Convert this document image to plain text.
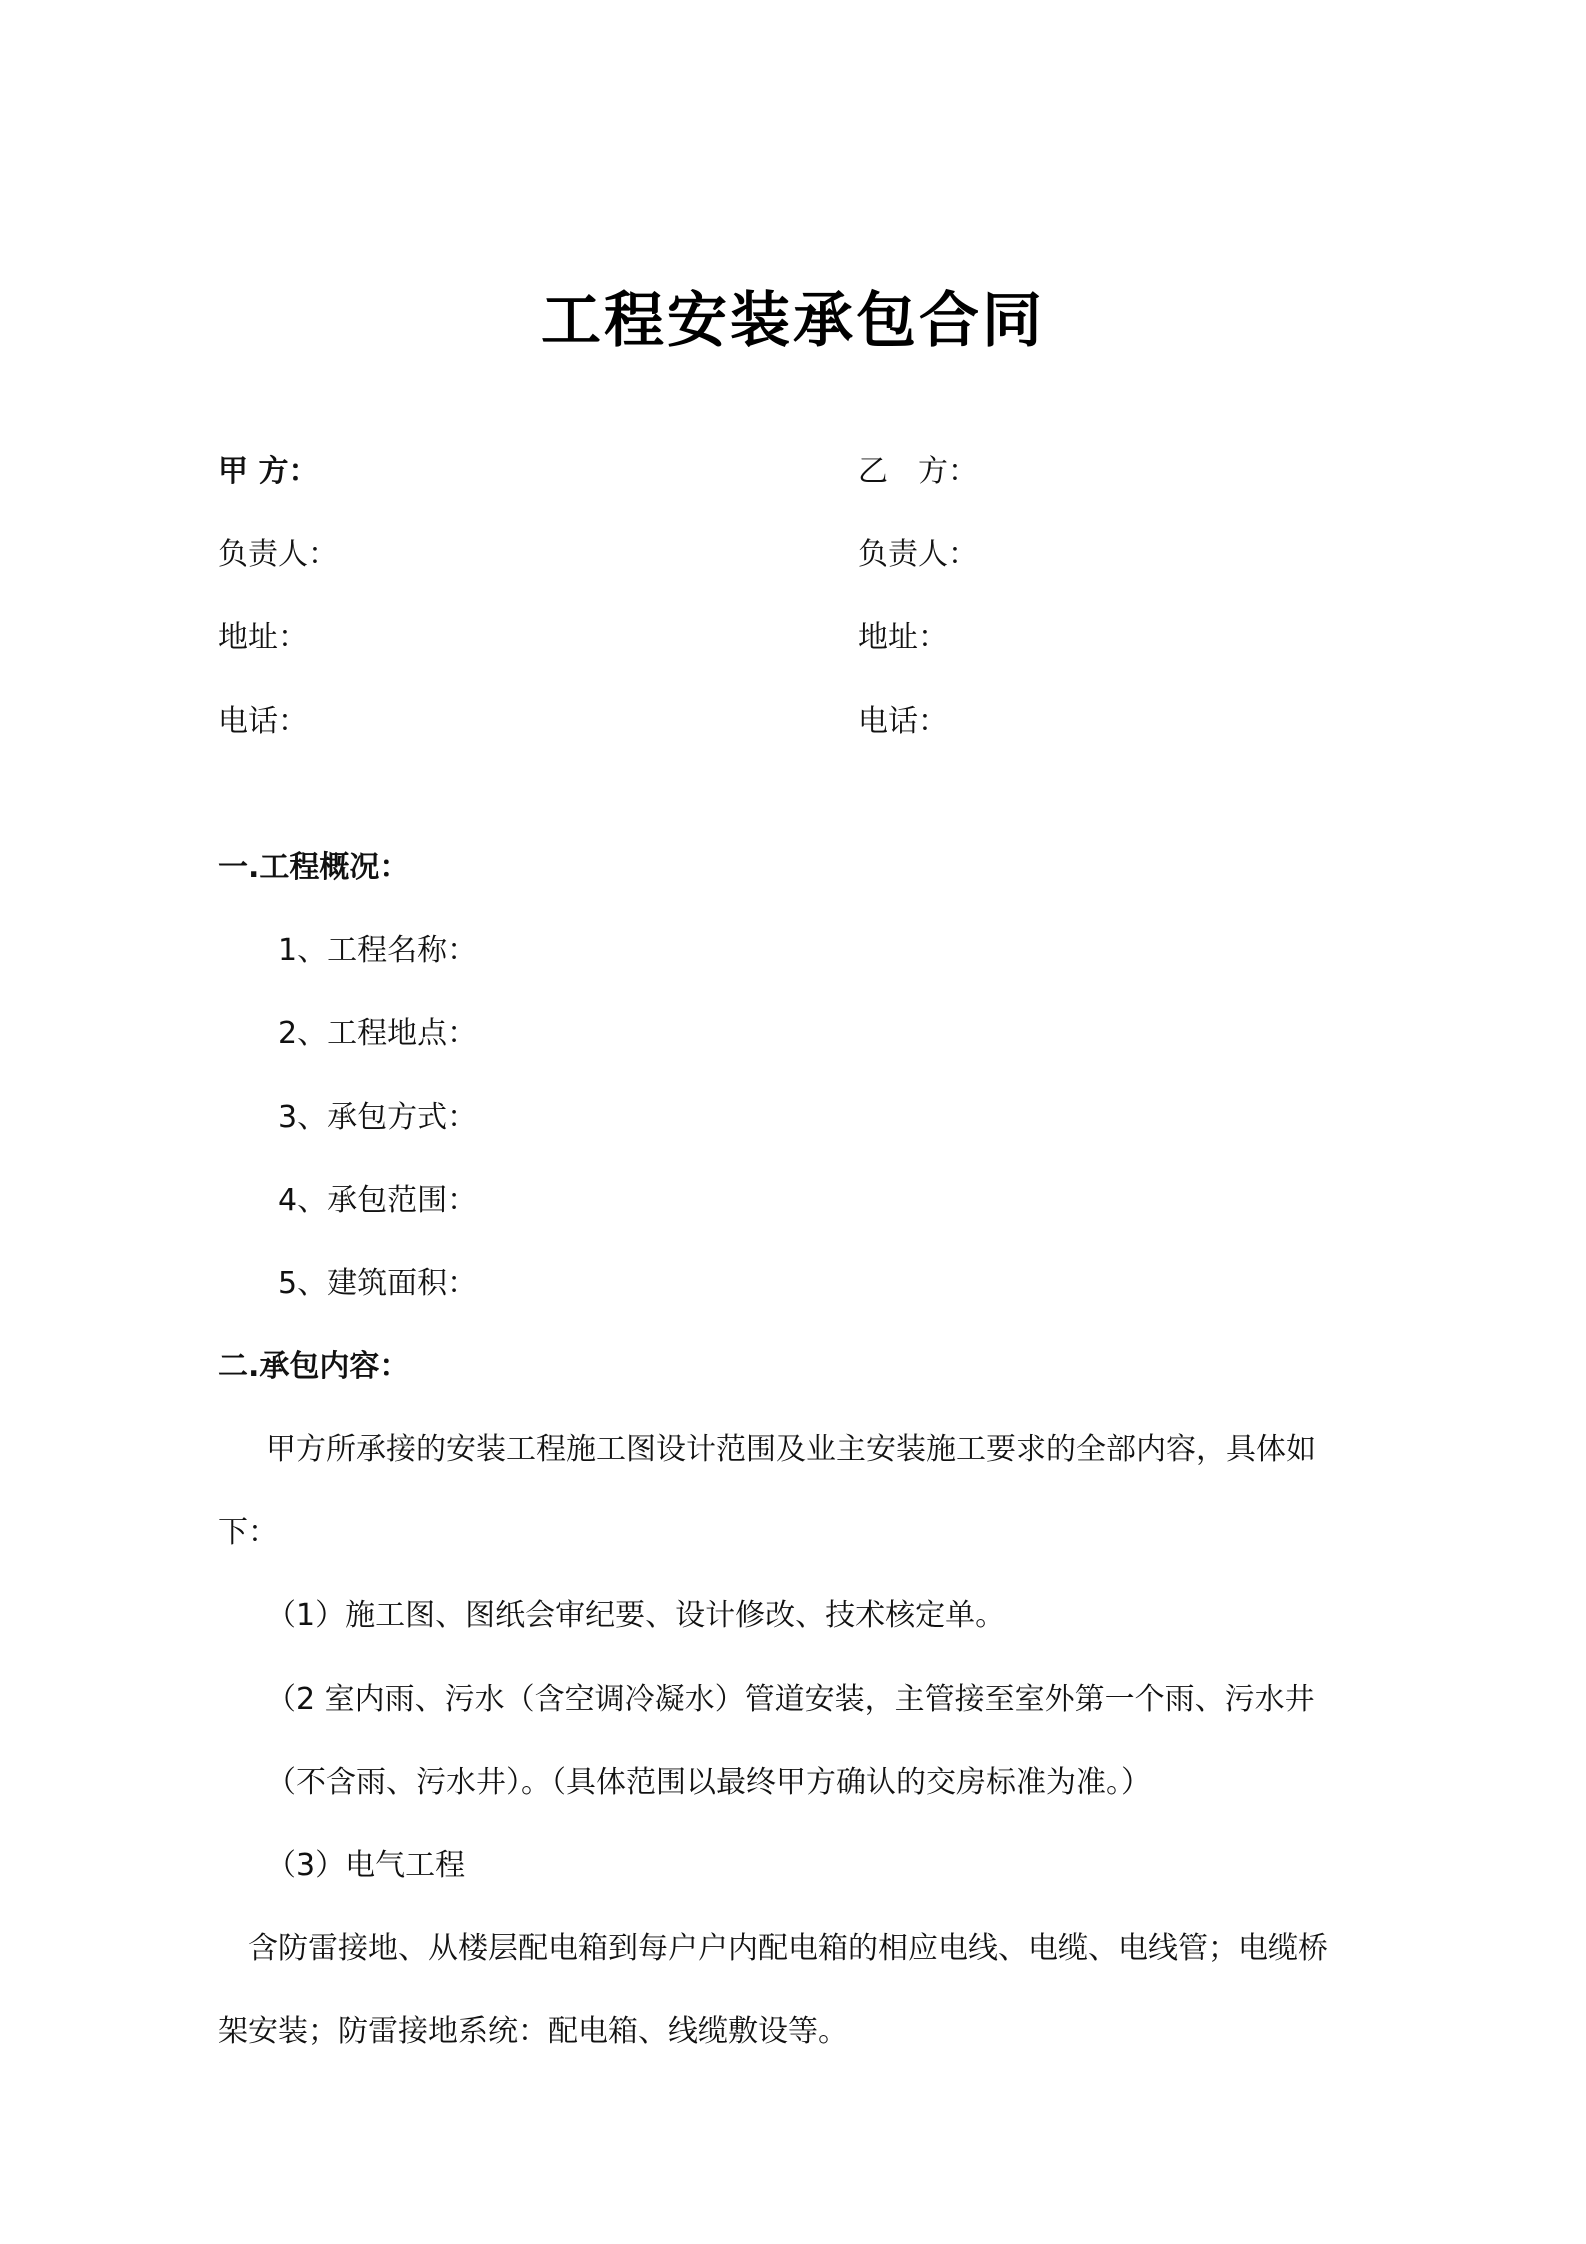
工程安装承包合同
甲 方：
负责人：
地址：
电话：
乙　方：
负责人：
地址：
电话：
一.工程概况：
1、工程名称：
2、工程地点：
3、承包方式：
4、承包范围：
5、建筑面积：
二.承包内容：
甲方所承接的安装工程施工图设计范围及业主安装施工要求的全部内容，具体如
下：
（1）施工图、图纸会审纪要、设计修改、技术核定单。
（2 室内雨、污水（含空调冷凝水）管道安装，主管接至室外第一个雨、污水井
（不含雨、污水井）。（具体范围以最终甲方确认的交房标准为准。）
（3）电气工程
含防雷接地、从楼层配电箱到每户户内配电箱的相应电线、电缆、电线管；电缆桥
架安装；防雷接地系统：配电箱、线缆敷设等。
